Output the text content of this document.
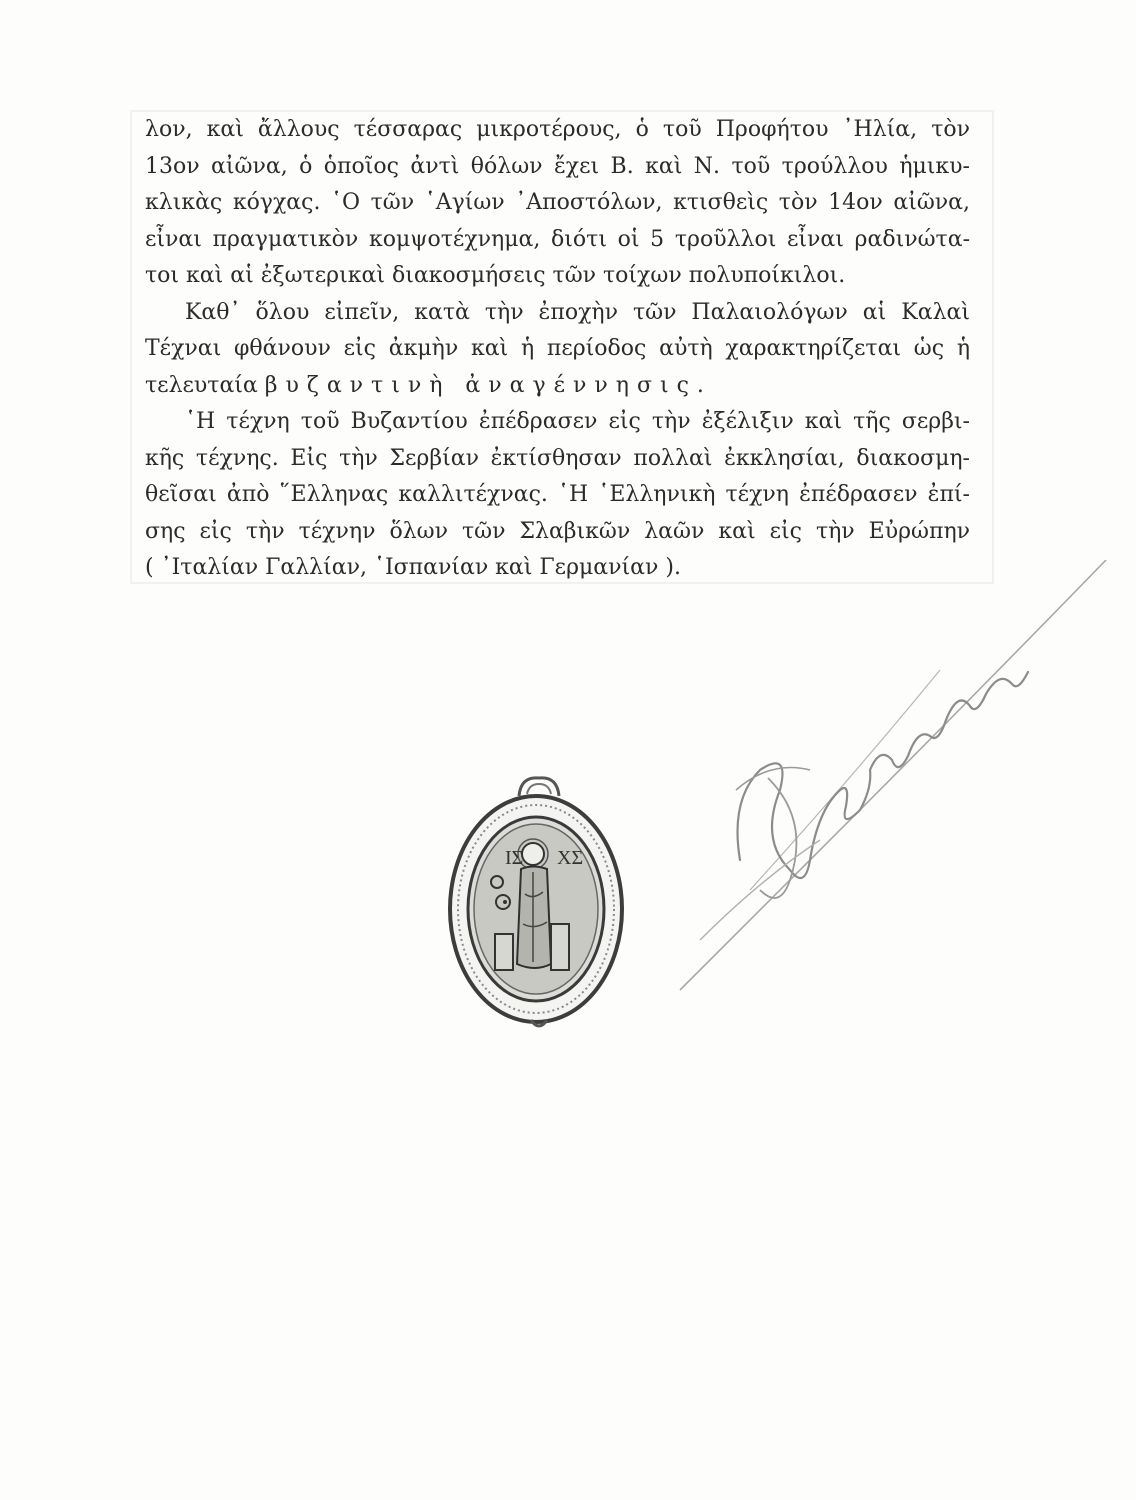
λον, καὶ ἄλλους τέσσαρας μικροτέρους, ὁ τοῦ Προφήτου ᾽Ηλία, τὸν
13ον αἰῶνα, ὁ ὁποῖος ἀντὶ θόλων ἔχει Β. καὶ Ν. τοῦ τρούλλου ἡμικυ-
κλικὰς κόγχας. ῾Ο τῶν ῾Αγίων ᾽Αποστόλων, κτισθεὶς τὸν 14ον αἰῶνα,
εἶναι πραγματικὸν κομψοτέχνημα, διότι οἱ 5 τροῦλλοι εἶναι ραδινώτα-
τοι καὶ αἱ ἐξωτερικαὶ διακοσμήσεις τῶν τοίχων πολυποίκιλοι.

Καθ᾽ ὅλου εἰπεῖν, κατὰ τὴν ἐποχὴν τῶν Παλαιολόγων αἱ Καλαὶ
Τέχναι φθάνουν εἰς ἀκμὴν καὶ ἡ περίοδος αὐτὴ χαρακτηρίζεται ὡς ἡ
τελευταία βυζαντινὴ ἀναγέννησις.

῾Η τέχνη τοῦ Βυζαντίου ἐπέδρασεν εἰς τὴν ἐξέλιξιν καὶ τῆς σερβι-
κῆς τέχνης. Εἰς τὴν Σερβίαν ἐκτίσθησαν πολλαὶ ἐκκλησίαι, διακοσμη-
θεῖσαι ἀπὸ ῞Ελληνας καλλιτέχνας. ῾Η ῾Ελληνικὴ τέχνη ἐπέδρασεν ἐπί-
σης εἰς τὴν τέχνην ὅλων τῶν Σλαβικῶν λαῶν καὶ εἰς τὴν Εὐρώπην
( ᾽Ιταλίαν Γαλλίαν, ῾Ισπανίαν καὶ Γερμανίαν ).

ΙΣ ΧΣ
